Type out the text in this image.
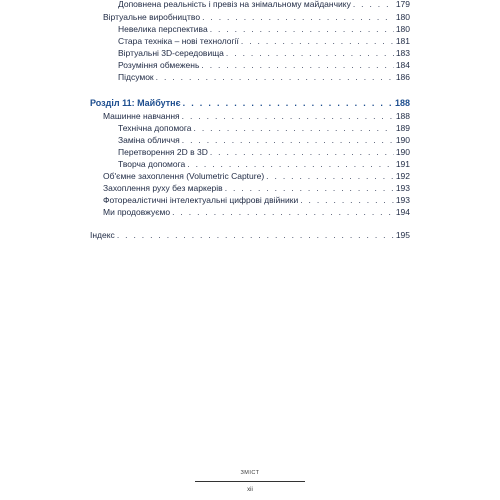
Доповнена реальність і превіз на знімальному майданчику . . .	179
Віртуальне виробництво . . .	180
Невелика перспектива . . .	180
Стара техніка – нові технології . . .	181
Віртуальні 3D-середовища . . .	183
Розуміння обмежень . . .	184
Підсумок . . .	186
Розділ 11: Майбутнє . . .	188
Машинне навчання . . .	188
Технічна допомога . . .	189
Заміна обличчя . . .	190
Перетворення 2D в 3D . . .	190
Творча допомога . . .	191
Об'ємне захоплення (Volumetric Capture) . . .	192
Захоплення руху без маркерів . . .	193
Фотореалістичні інтелектуальні цифрові двійники . . .	193
Ми продовжуємо . . .	194
Індекс . . .	195
ЗМІСТ
xii
